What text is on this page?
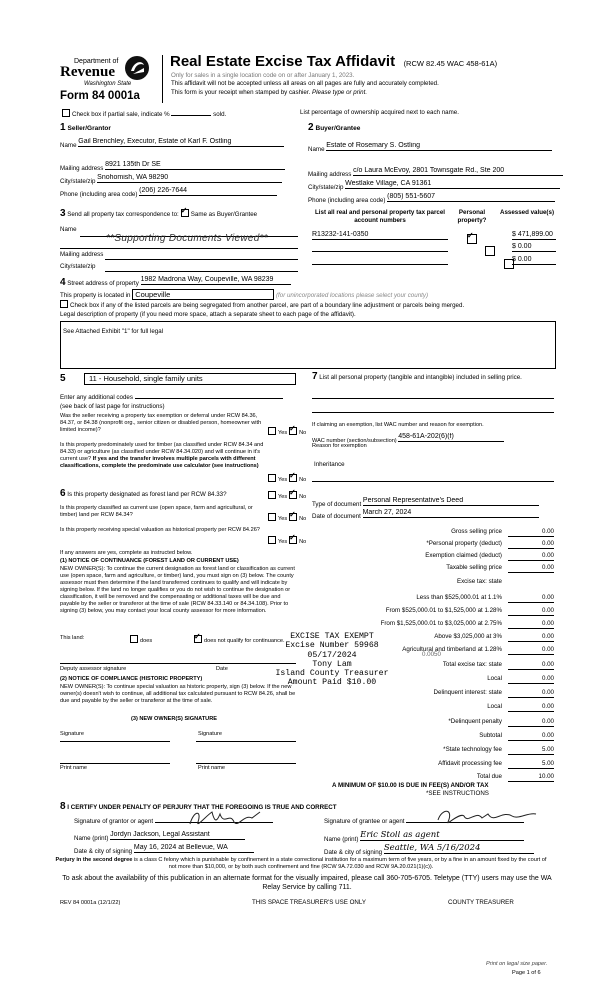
Department of
Revenue
Washington State
Form 84 0001a
Real Estate Excise Tax Affidavit (RCW 82.45 WAC 458-61A)
Only for sales in a single location code on or after January 1, 2023.
This affidavit will not be accepted unless all areas on all pages are fully and accurately completed.
This form is your receipt when stamped by cashier. Please type or print.
Check box if partial sale, indicate %	sold.	List percentage of ownership acquired next to each name.
1 Seller/Grantor
Name Gail Brenchley, Executor, Estate of Karl F. Ostling
Mailing address 8921 135th Dr SE
City/state/zip Snohomish, WA 98290
Phone (including area code) (206) 226-7644
2 Buyer/Grantee
Name Estate of Rosemary S. Ostling
Mailing address c/o Laura McEvoy, 2801 Townsgate Rd., Ste 200
City/state/zip Westlake Village, CA 91361
Phone (including area code) (805) 551-5607
3 Send all property tax correspondence to: ✓ Same as Buyer/Grantee
Name
**Supporting Documents Viewed**
Mailing address
City/state/zip
List all real and personal property tax parcel account numbers
Personal property?
Assessed value(s)
R13232-141-0350 ✓	$ 471,899.00

$ 0.00
$ 0.00
4 Street address of property 1982 Madrona Way, Coupeville, WA 98239
This property is located in Coupeville	(for unincorporated locations please select your county)
Check box if any of the listed parcels are being segregated from another parcel, are part of a boundary line adjustment or parcels being merged.
Legal description of property (if you need more space, attach a separate sheet to each page of the affidavit).
See Attached Exhibit "1" for full legal
5	11 - Household, single family units
Enter any additional codes
(see back of last page for instructions)
Was the seller receiving a property tax exemption or deferral under RCW 84.36, 84.37, or 84.38 (nonprofit org., senior citizen or disabled person, homeowner with limited income)?	Yes ✓ No
Is this property predominately used for timber (as classified under RCW 84.34 and 84.33) or agriculture (as classified under RCW 84.34.020) and will continue in it's current use? If yes and the transfer involves multiple parcels with different classifications, complete the predominate use calculator (see instructions)
Yes ✓ No
6 Is this property designated as forest land per RCW 84.33?	Yes ✓ No
Is this property classified as current use (open space, farm and agricultural, or timber) land per RCW 84.34?
Yes ✓ No
Is this property receiving special valuation as historical property per RCW 84.26?
Yes ✓ No
If any answers are yes, complete as instructed below.
(1) NOTICE OF CONTINUANCE (FOREST LAND OR CURRENT USE)
NEW OWNER(S): To continue the current designation as forest land or classification as current use (open space, farm and agriculture, or timber) land, you must sign on (3) below. The county assessor must then determine if the land transferred continues to qualify and will indicate by signing below. If the land no longer qualifies or you do not wish to continue the designation or classification, it will be removed and the compensating or additional taxes will be due and payable by the seller or transferor at the time of sale (RCW 84.33.140 or 84.34.108). Prior to signing (3) below, you may contact your local county assessor for more information.
This land:	does ✓	does not qualify for continuance.
Deputy assessor signature	Date
(2) NOTICE OF COMPLIANCE (HISTORIC PROPERTY)
NEW OWNER(S): To continue special valuation as historic property, sign (3) below. If the new owner(s) doesn't wish to continue, all additional tax calculated pursuant to RCW 84.26, shall be due and payable by the seller or transferor at the time of sale.
(3) NEW OWNER(S) SIGNATURE
Signature	Signature
Print name	Print name
7 List all personal property (tangible and intangible) included in selling price.
If claiming an exemption, list WAC number and reason for exemption.
WAC number (section/subsection) 458-61A-202(6)(f)
Reason for exemption
Inheritance
Type of document Personal Representative's Deed
Date of document March 27, 2024
Gross selling price	0.00
*Personal property (deduct)	0.00
Exemption claimed (deduct)	0.00
Taxable selling price	0.00
Excise tax: state
Less than $525,000.01 at 1.1%	0.00
From $525,000.01 to $1,525,000 at 1.28%	0.00
From $1,525,000.01 to $3,025,000 at 2.75%	0.00
Above $3,025,000 at 3%	0.00
Agricultural and timberland at 1.28%	0.00
Total excise tax: state	0.00
Local	0.00
Delinquent interest: state	0.00
Local	0.00
*Delinquent penalty	0.00
Subtotal	0.00
*State technology fee	5.00
Affidavit processing fee	5.00
Total due	10.00
0.0050
EXCISE TAX EXEMPT
Excise Number 59968
05/17/2024
Tony Lam
Island County Treasurer
Amount Paid $10.00
A MINIMUM OF $10.00 IS DUE IN FEE(S) AND/OR TAX
*SEE INSTRUCTIONS
8 I CERTIFY UNDER PENALTY OF PERJURY THAT THE FOREGOING IS TRUE AND CORRECT
Signature of grantor or agent
Name (print) Jordyn Jackson, Legal Assistant
Date & city of signing May 16, 2024 at Bellevue, WA
Signature of grantee or agent
Name (print) Eric Stoll as agent
Date & city of signing Seattle, WA 5/16/2024
Perjury in the second degree is a class C felony which is punishable by confinement in a state correctional institution for a maximum term of five years, or by a fine in an amount fixed by the court of not more than $10,000, or by both such confinement and fine (RCW 9A.72.030 and RCW 9A.20.021(1)(c)).
To ask about the availability of this publication in an alternate format for the visually impaired, please call 360-705-6705. Teletype (TTY) users may use the WA Relay Service by calling 711.
REV 84 0001a (12/1/22)	THIS SPACE TREASURER'S USE ONLY	COUNTY TREASURER
Print on legal size paper.
Page 1 of 6
